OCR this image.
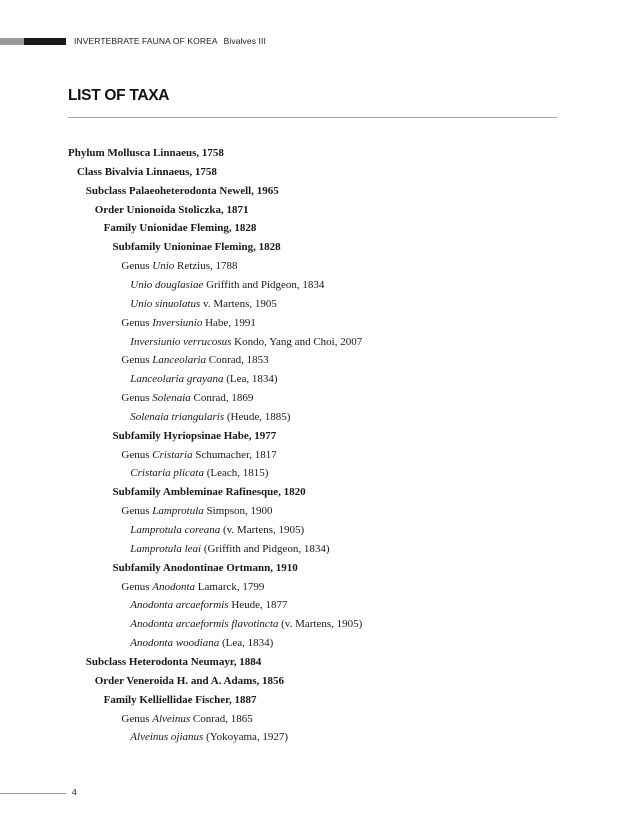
INVERTEBRATE FAUNA OF KOREA Bivalves III
LIST OF TAXA
Phylum Mollusca Linnaeus, 1758
Class Bivalvia Linnaeus, 1758
Subclass Palaeoheterodonta Newell, 1965
Order Unionoida Stoliczka, 1871
Family Unionidae Fleming, 1828
Subfamily Unioninae Fleming, 1828
Genus Unio Retzius, 1788
Unio douglasiae Griffith and Pidgeon, 1834
Unio sinuolatus v. Martens, 1905
Genus Inversiunio Habe, 1991
Inversiunio verrucosus Kondo, Yang and Choi, 2007
Genus Lanceolaria Conrad, 1853
Lanceolaria grayana (Lea, 1834)
Genus Solenaia Conrad, 1869
Solenaia triangularis (Heude, 1885)
Subfamily Hyriopsinae Habe, 1977
Genus Cristaria Schumacher, 1817
Cristaria plicata (Leach, 1815)
Subfamily Ambleminae Rafinesque, 1820
Genus Lamprotula Simpson, 1900
Lamprotula coreana (v. Martens, 1905)
Lamprotula leai (Griffith and Pidgeon, 1834)
Subfamily Anodontinae Ortmann, 1910
Genus Anodonta Lamarck, 1799
Anodonta arcaeformis Heude, 1877
Anodonta arcaeformis flavotincta (v. Martens, 1905)
Anodonta woodiana (Lea, 1834)
Subclass Heterodonta Neumayr, 1884
Order Veneroida H. and A. Adams, 1856
Family Kelliellidae Fischer, 1887
Genus Alveinus Conrad, 1865
Alveinus ojianus (Yokoyama, 1927)
4
